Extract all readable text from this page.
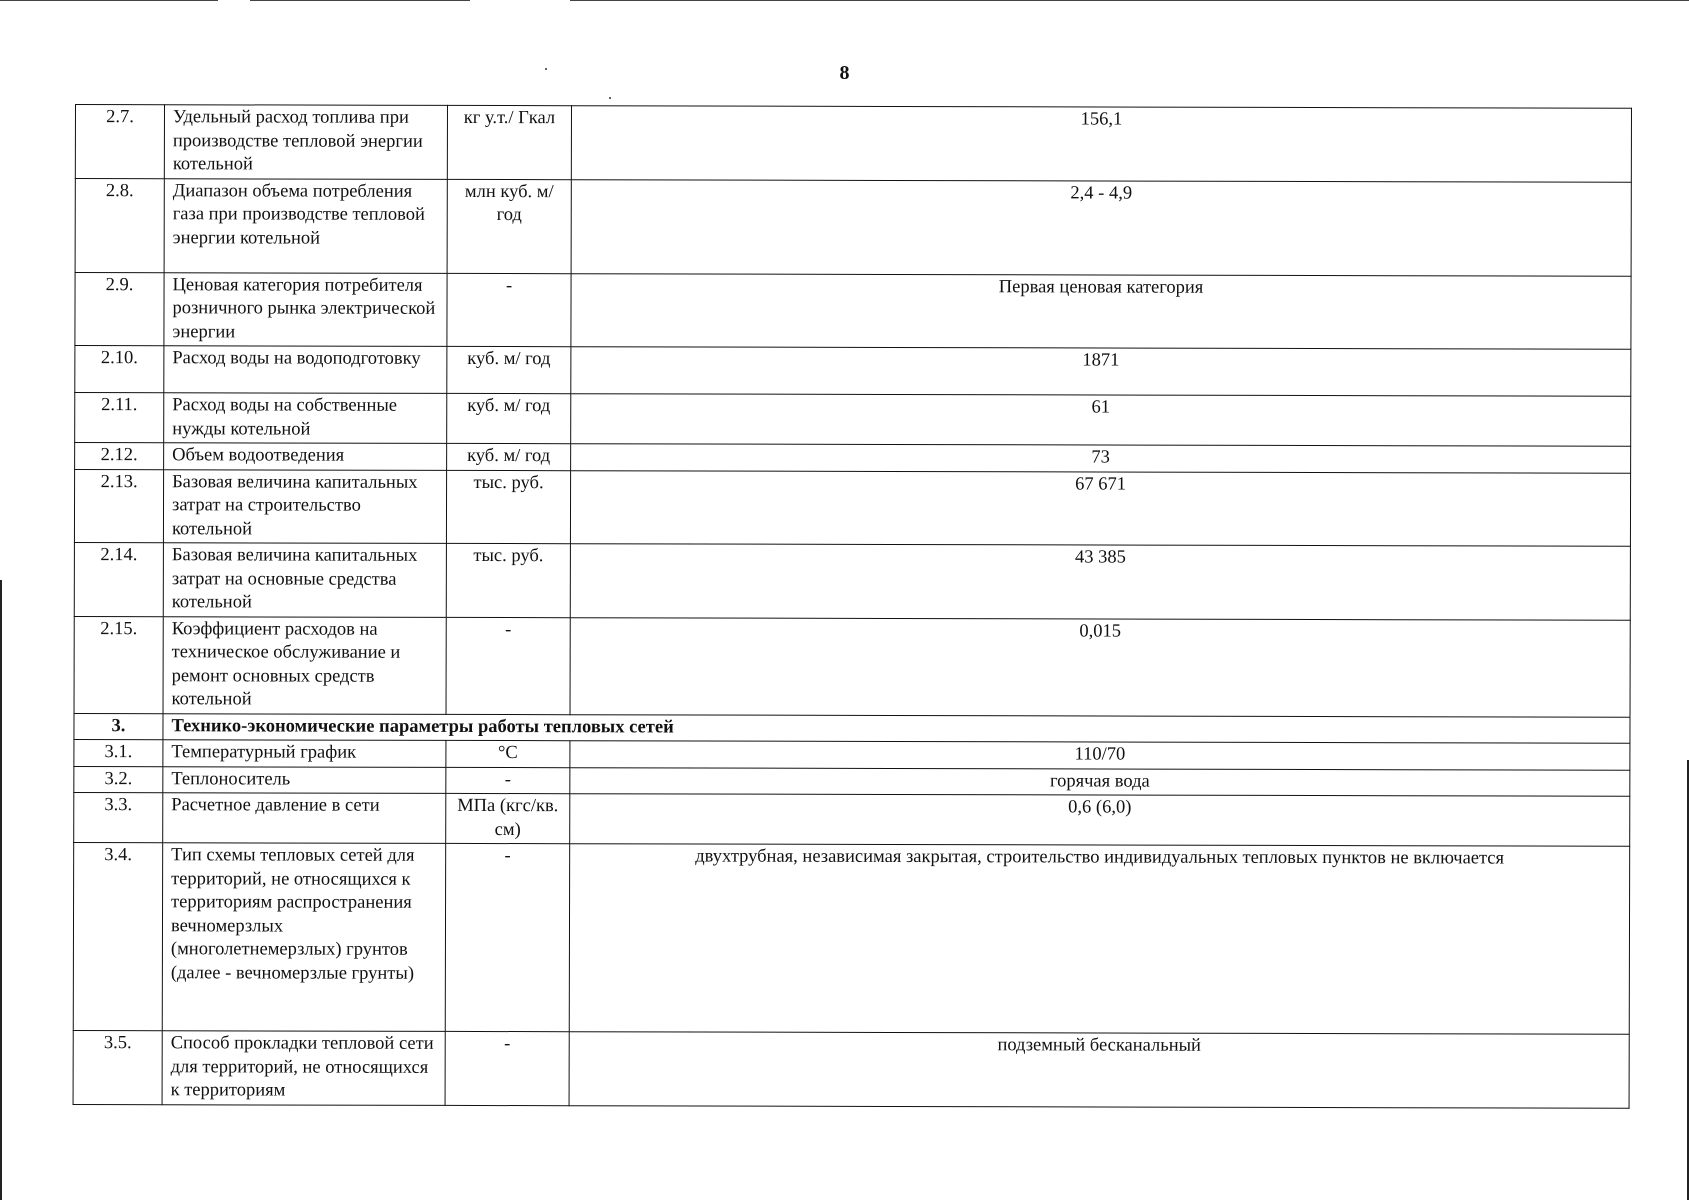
8
2.7.	Удельный расход топлива при производстве тепловой энергии котельной	кг у.т./ Гкал	156,1
2.8.	Диапазон объема потребления газа при производстве тепловой энергии котельной	млн куб. м/год	2,4 - 4,9
2.9.	Ценовая категория потребителя розничного рынка электрической энергии	-	Первая ценовая категория
2.10.	Расход воды на водоподготовку	куб. м/ год	1871
2.11.	Расход воды на собственные нужды котельной	куб. м/ год	61
2.12.	Объем водоотведения	куб. м/ год	73
2.13.	Базовая величина капитальных затрат на строительство котельной	тыс. руб.	67 671
2.14.	Базовая величина капитальных затрат на основные средства котельной	тыс. руб.	43 385
2.15.	Коэффициент расходов на техническое обслуживание и ремонт основных средств котельной	-	0,015
3.	Технико-экономические параметры работы тепловых сетей		
3.1.	Температурный график	°С	110/70
3.2.	Теплоноситель	-	горячая вода
3.3.	Расчетное давление в сети	МПа (кгс/кв. см)	0,6 (6,0)
3.4.	Тип схемы тепловых сетей для территорий, не относящихся к территориям распространения вечномерзлых (многолетнемерзлых) грунтов (далее - вечномерзлые грунты)	-	двухтрубная, независимая закрытая, строительство индивидуальных тепловых пунктов не включается
3.5.	Способ прокладки тепловой сети для территорий, не относящихся к территориям	-	подземный бесканальный
